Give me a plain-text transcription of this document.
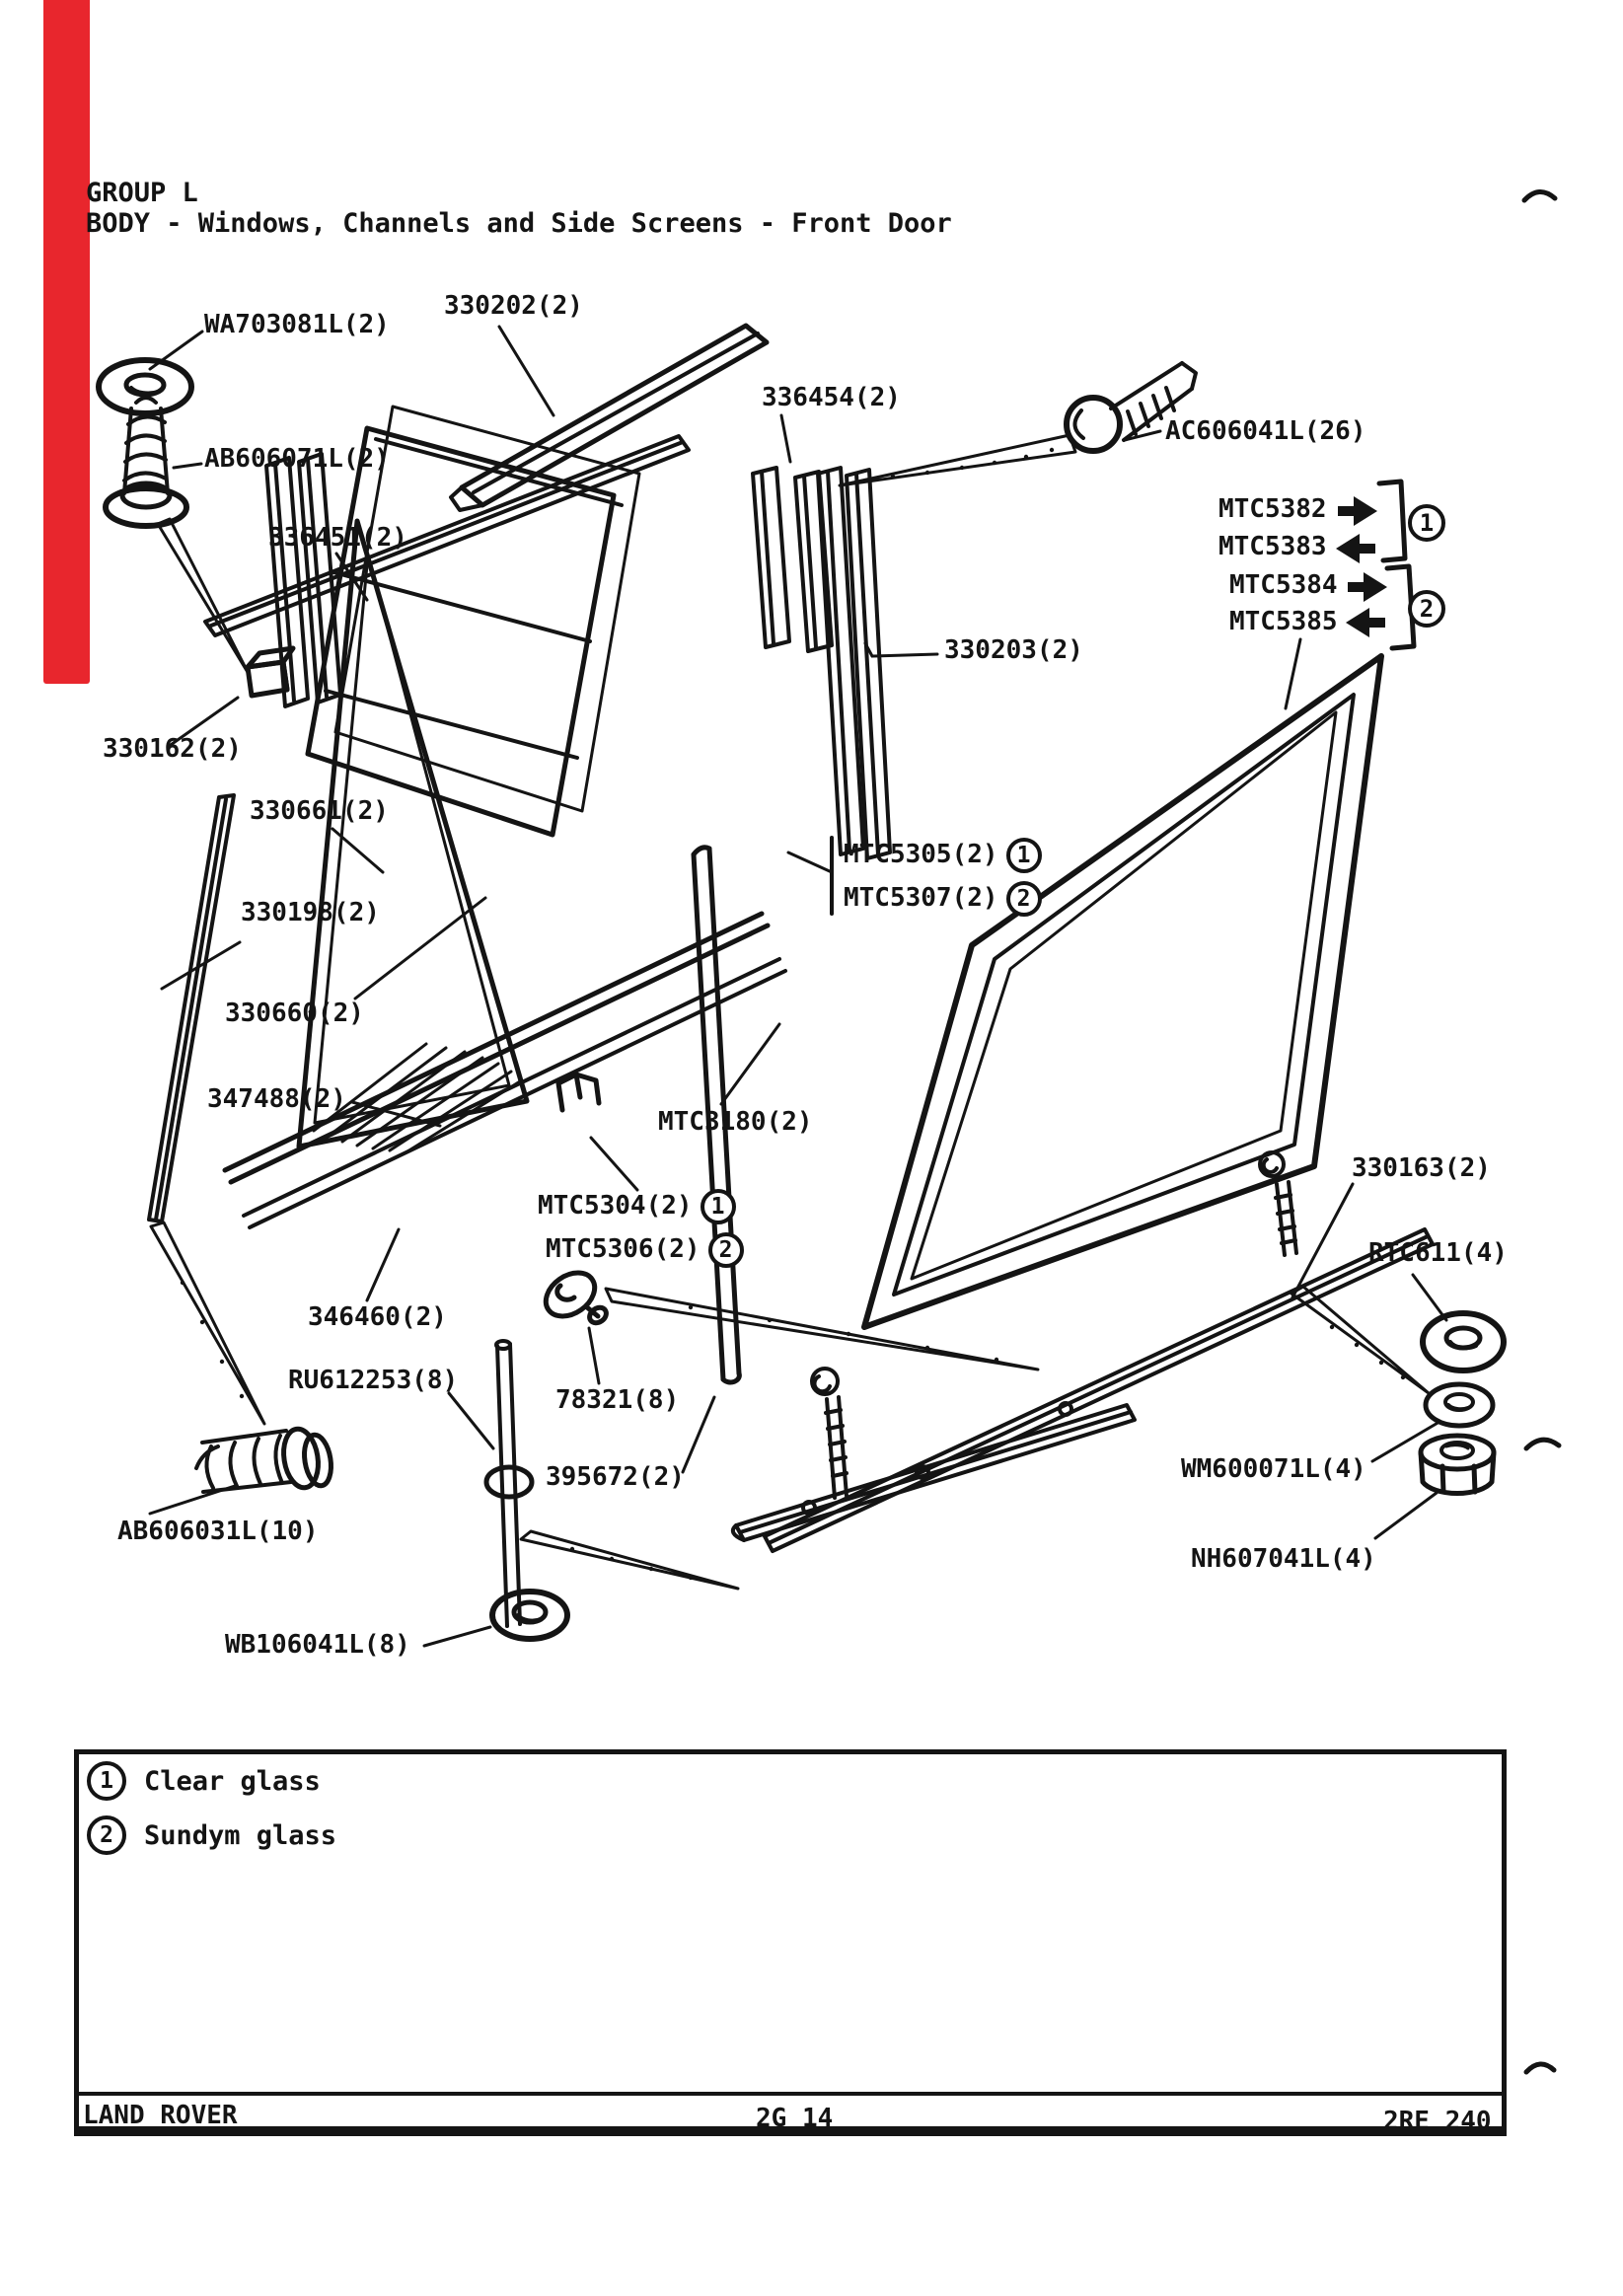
GROUP L
BODY - Windows, Channels and Side Screens - Front Door
WA703081L(2)
330202(2)
AB606071L(2)
336451(2)
336454(2)
AC606041L(26)
MTC5382
MTC5383
MTC5384
MTC5385
330203(2)
330162(2)
330661(2)
MTC5305(2) 1
MTC5307(2) 2
330198(2)
330660(2)
347488(2)
MTC3180(2)
MTC5304(2) 1
MTC5306(2) 2
330163(2)
RTC611(4)
346460(2)
RU612253(8)
78321(8)
395672(2)	WM600071L(4)
AB606031L(10)
NH607041L(4)
WB106041L(8)
1
2
1	Clear glass
2	Sundym glass
LAND ROVER	2G 14	2RE 240
